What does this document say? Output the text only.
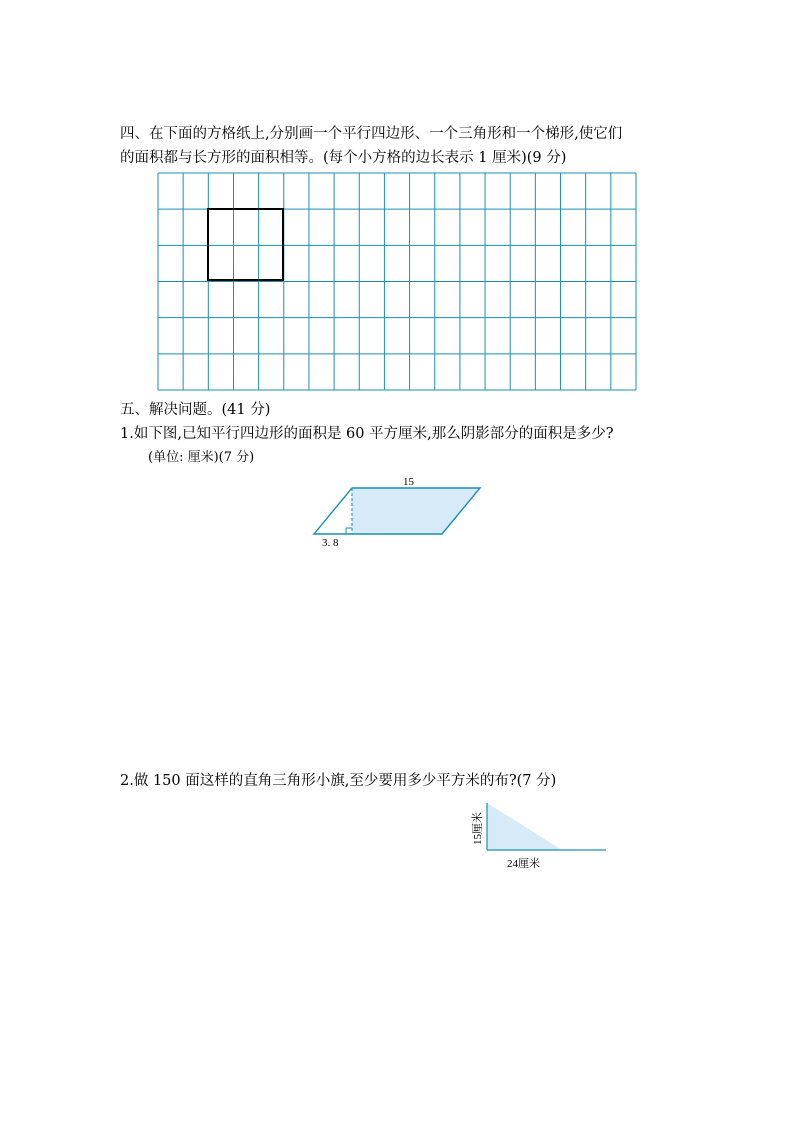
四、在下面的方格纸上,分别画一个平行四边形、一个三角形和一个梯形,使它们
的面积都与长方形的面积相等。(每个小方格的边长表示 1 厘米)(9 分)
五、解决问题。(41 分)
1.如下图,已知平行四边形的面积是 60 平方厘米,那么阴影部分的面积是多少?
(单位: 厘米)(7 分)
15
3. 8
2.做 150 面这样的直角三角形小旗,至少要用多少平方米的布?(7 分)
15厘米
24厘米
